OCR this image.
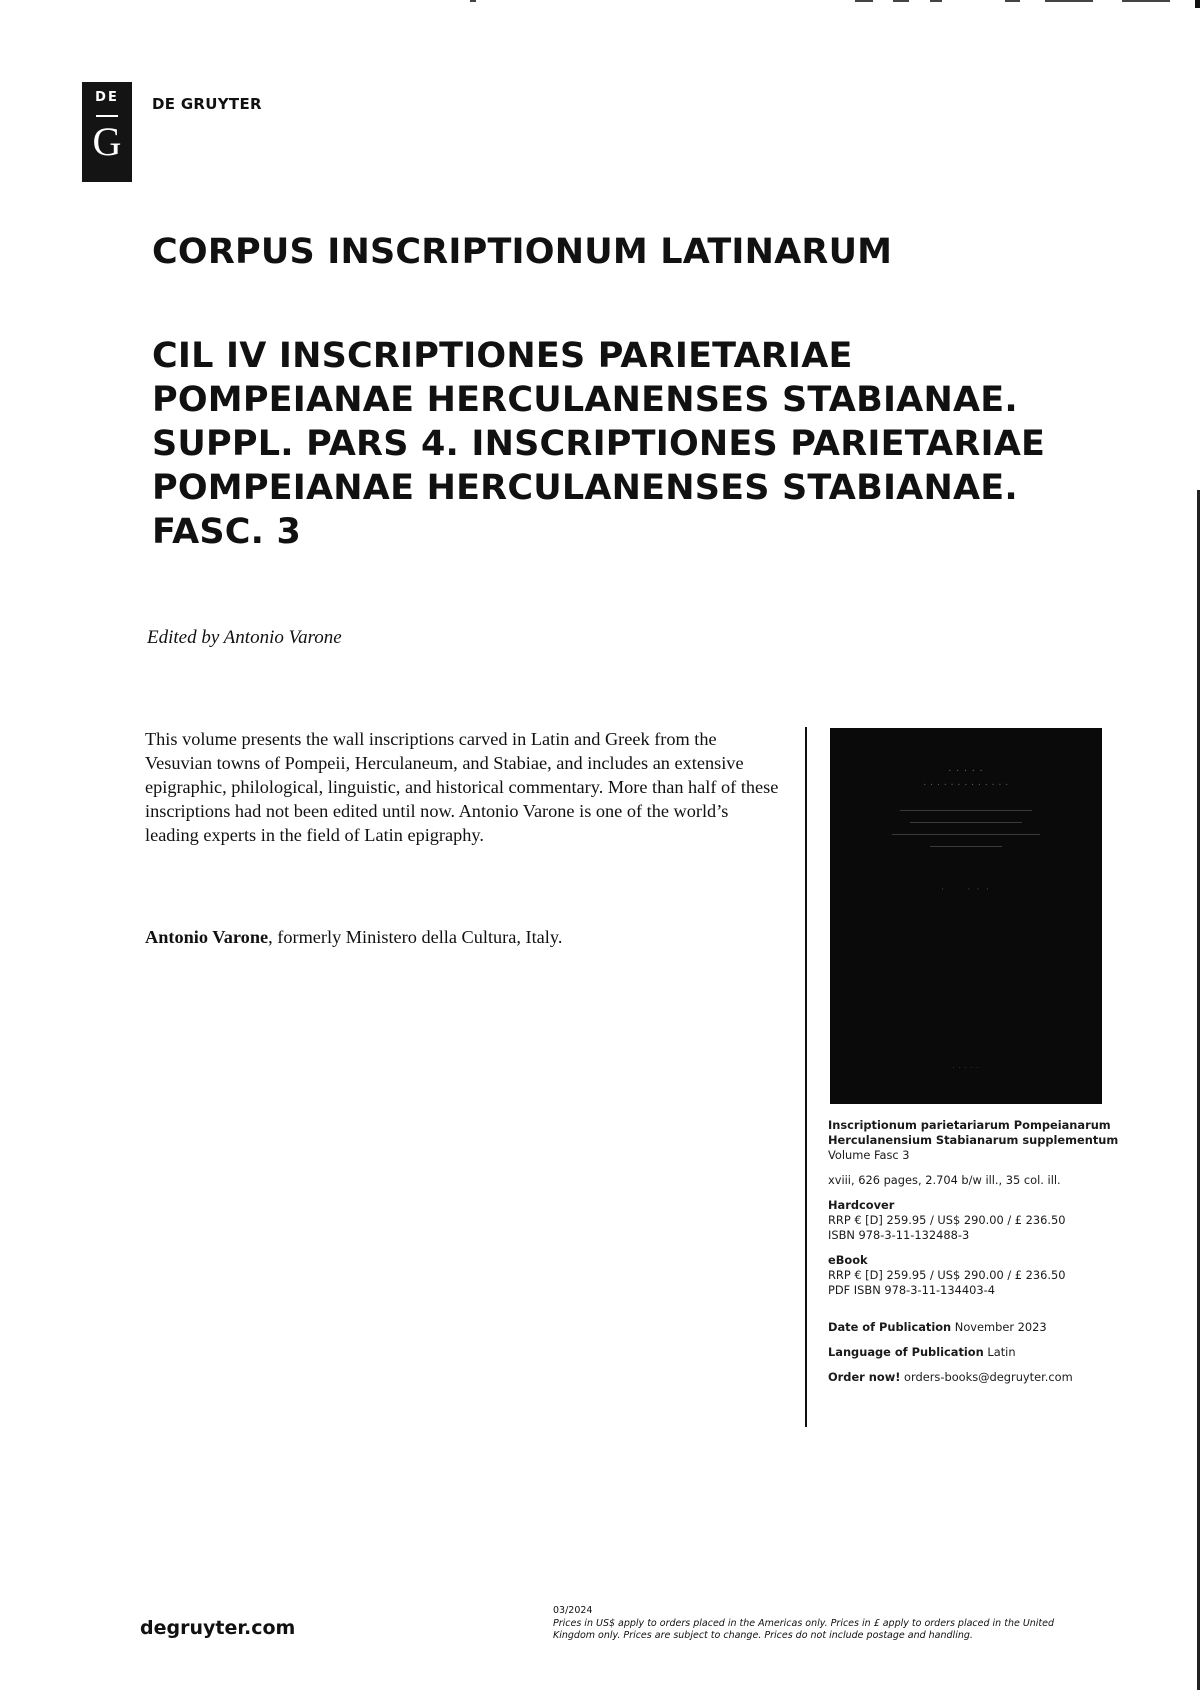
DE
G
DE GRUYTER
CORPUS INSCRIPTIONUM LATINARUM
CIL IV INSCRIPTIONES PARIETARIAE
POMPEIANAE HERCULANENSES STABIANAE.
SUPPL. PARS 4. INSCRIPTIONES PARIETARIAE
POMPEIANAE HERCULANENSES STABIANAE.
FASC. 3
Edited by Antonio Varone
This volume presents the wall inscriptions carved in Latin and Greek from the Vesuvian towns of Pompeii, Herculaneum, and Stabiae, and includes an extensive epigraphic, philological, linguistic, and historical commentary. More than half of these inscriptions had not been edited until now. Antonio Varone is one of the world’s leading experts in the field of Latin epigraphy.
Antonio Varone, formerly Ministero della Cultura, Italy.
· · · · ·
· · · · · · · · · · · · ·
·     · · ·
· · · · ·
Inscriptionum parietariarum Pompeianarum
Herculanensium Stabianarum supplementum
Volume Fasc 3
xviii, 626 pages, 2.704 b/w ill., 35 col. ill.
Hardcover
RRP € [D] 259.95 / US$ 290.00 / £ 236.50
ISBN 978-3-11-132488-3
eBook
RRP € [D] 259.95 / US$ 290.00 / £ 236.50
PDF ISBN 978-3-11-134403-4
Date of Publication November 2023
Language of Publication Latin
Order now! orders-books@degruyter.com
degruyter.com
03/2024
Prices in US$ apply to orders placed in the Americas only. Prices in £ apply to orders placed in the United Kingdom only. Prices are subject to change. Prices do not include postage and handling.
